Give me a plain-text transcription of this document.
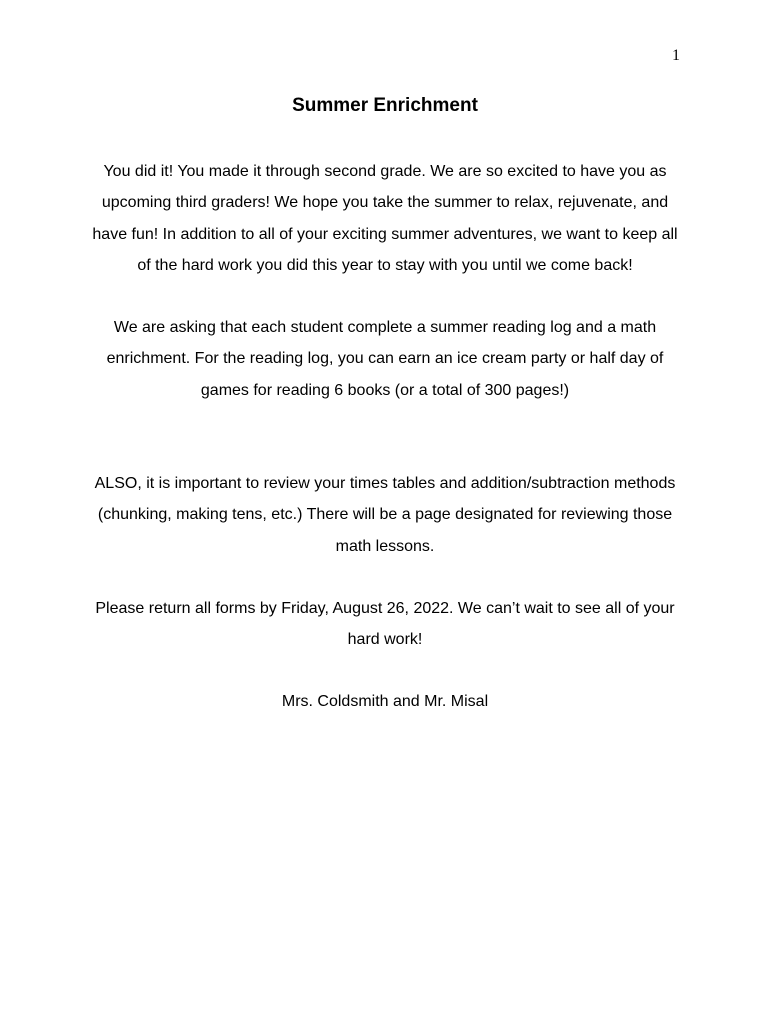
1
Summer Enrichment

You did it! You made it through second grade. We are so excited to have you as upcoming third graders! We hope you take the summer to relax, rejuvenate, and have fun! In addition to all of your exciting summer adventures, we want to keep all of the hard work you did this year to stay with you until we come back!

We are asking that each student complete a summer reading log and a math enrichment. For the reading log, you can earn an ice cream party or half day of games for reading 6 books (or a total of 300 pages!)

ALSO, it is important to review your times tables and addition/subtraction methods (chunking, making tens, etc.) There will be a page designated for reviewing those math lessons.

Please return all forms by Friday, August 26, 2022. We can’t wait to see all of your hard work!

Mrs. Coldsmith and Mr. Misal
